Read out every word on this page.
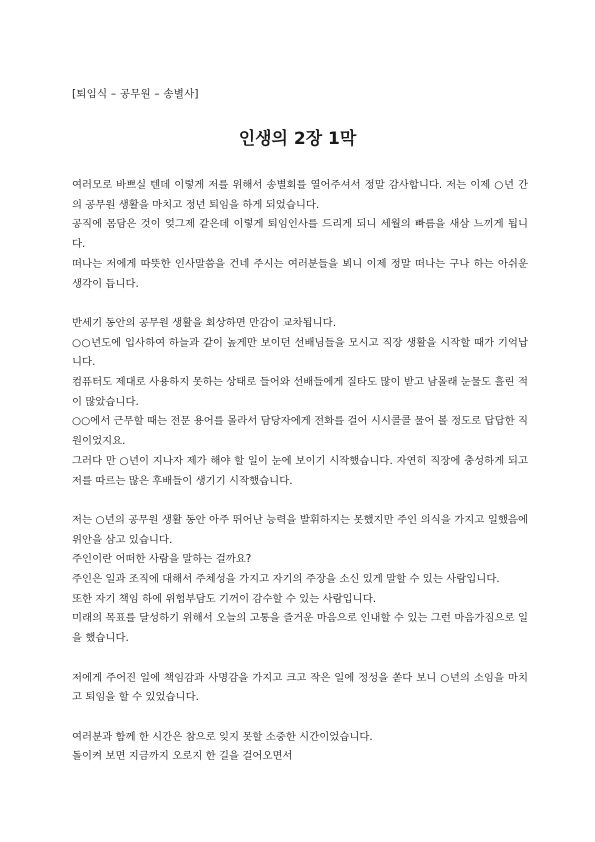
[퇴임식 – 공무원 – 송별사]
인생의 2장 1막

여러모로 바쁘실 텐데 이렇게 저를 위해서 송별회를 열어주셔서 정말 감사합니다. 저는 이제 ○년 간의 공무원 생활을 마치고 정년 퇴임을 하게 되었습니다.

공직에 몸담은 것이 엊그제 같은데 이렇게 퇴임인사를 드리게 되니 세월의 빠름을 새삼 느끼게 됩니다.

떠나는 저에게 따뜻한 인사말씀을 건네 주시는 여러분들을 뵈니 이제 정말 떠나는 구나 하는 아쉬운 생각이 듭니다.

반세기 동안의 공무원 생활을 회상하면 만감이 교차됩니다.

○○년도에 입사하여 하늘과 같이 높게만 보이던 선배님들을 모시고 직장 생활을 시작할 때가 기억납니다.

컴퓨터도 제대로 사용하지 못하는 상태로 들어와 선배들에게 질타도 많이 받고 남몰래 눈물도 흘린 적이 많았습니다.

○○에서 근무할 때는 전문 용어를 몰라서 담당자에게 전화를 걸어 시시콜콜 물어 볼 정도로 답답한 직원이었지요.

그러다 만 ○년이 지나자 제가 해야 할 일이 눈에 보이기 시작했습니다. 자연히 직장에 충성하게 되고 저를 따르는 많은 후배들이 생기기 시작했습니다.

저는 ○년의 공무원 생활 동안 아주 뛰어난 능력을 발휘하지는 못했지만 주인 의식을 가지고 일했음에 위안을 삼고 있습니다.

주인이란 어떠한 사람을 말하는 걸까요?

주인은 일과 조직에 대해서 주체성을 가지고 자기의 주장을 소신 있게 말할 수 있는 사람입니다.

또한 자기 책임 하에 위험부담도 기꺼이 감수할 수 있는 사람입니다.

미래의 목표를 달성하기 위해서 오늘의 고통을 즐거운 마음으로 인내할 수 있는 그런 마음가짐으로 일을 했습니다.

저에게 주어진 일에 책임감과 사명감을 가지고 크고 작은 일에 정성을 쏟다 보니 ○년의 소임을 마치고 퇴임을 할 수 있었습니다.

여러분과 함께 한 시간은 참으로 잊지 못할 소중한 시간이었습니다.

돌이켜 보면 지금까지 오로지 한 길을 걸어오면서
